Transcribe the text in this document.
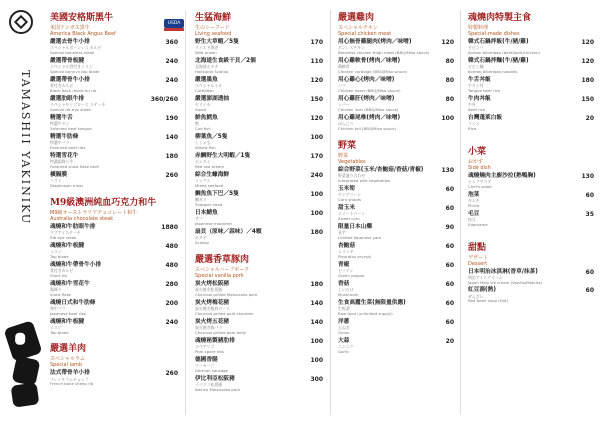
TAMASHII YAKINIKU

美國安格斯黑牛

米国アンガス黒牛

America Black Angus Beef

USDA
嚴選去骨牛小排
スペシャルボーンレス カルビ
Special boneless steak
360
嚴選帶骨板腱
スペシャル骨付きミスジ
Special bone-in top blade
240
嚴選帶骨牛小排
骨付きカルビ
Black back (bone-in) rib
240
嚴選肋眼牛排
スペシャルリブロース ステーキ
Special rib-eye steak
360/260
精選牛舌
特選牛タン
Selected beef tongue
190
精選牛肋條
特選牛バラ
Featured beef ribs
140
特選雪花牛
特選霜降り牛
Featured snow flake beef
180
橫膈膜
ハラミ
Diaphragm meat
260

M9級澳洲純血巧克力和牛

M9級オーストラリアチョコレート和牛

Australia chocolate steak

魂燒和牛肋眼牛排
リブアイステーキ
Rib eye steak
1880
魂燒和牛板腱
ミスジ
Top blade
480
魂燒和牛帶骨牛小排
骨付きカルビ
Short rib
480
魂燒和牛雪花牛
霜降り
Snow flake
280
魂燒日式和牛肋條
和牛バラ
Japanese beef ribs
200
魂燒和牛板腱
ミスジ
Top blade
240

嚴選羊肉

スペシャルラム

Special lamb

法式帶骨羊小排
フレンチラムチョップ
French bone sheep rib
260

生猛海鮮

生のシーフード

Living seafood

野生大草蝦／5隻
ワイルド海老
Wild prawn
170
北海道生食級干貝／2個
北海道ホタテ
Hokkaido Scallop
110
嚴選墨魚
スペシャルイカ
Cuttlefish
120
嚴選澎湖透抽
ヤリイカ
Squid
150
鮮魚鱈魚
鱈
Cod fish
120
柳葉魚／5隻
ししゃも
Willow fish
100
赤鯛野生大明蝦／1隻
ポンダイ
Red sea bream
170
綜合生蠔海鮮
ミックス
Mixed seafood
240
鯛魚魚下巴／5隻
鯛カマ
Snapper head
100
日本鯖魚
サバ
Japanese mackerel
100
扇貝（原味／蒜味）／4顆
ホタテ
Scallop
180

嚴選香草豚肉

スペシャルハーブポーク

Special vanilla pork

炭火烤松阪豬
炭火焼き松坂豚
Charcoal grilled Matsusaka pork
180
炭火烤梅花豬
炭火焼き豚肩ロース
Charcoal grilled pork shoulder
140
炭火烤五花豬
炭火焼き豚バラ
Charcoal grilled pork belly
140
魂燒秘製豬肋排
スペアリブ
Pork spare ribs
100
德國香腸
ソーセージ
German sausage
100
伊比利亞松阪豬
イベリコ松坂豚
Iberico Matsusaka pork
300

嚴選雞肉

スペシャルチキン

Special chicken meat

用心無骨雞腿肉(烤肉／味噌)
ボンレスチキン
Boneless chicken thigh meat (BBQ/Miso sauce)
120
用心雞軟骨(烤肉／味噌)
鶏軟骨
Chicken cartilage (BBQ/Miso sauce)
80
用心雞心(烤肉／味噌)
ハツ
Chicken heart (BBQ/Miso sauce)
80
用心雞肝(烤肉／味噌)
レバー
Chicken liver (BBQ/Miso sauce)
80
用心雞尾椎(烤肉／味噌)
ぼんじり
Chicken tail (BBQ/Miso sauce)
100

野菜

野菜

Vegetables

綜合野菜(玉米/杏鮑菇/香菇/青椒)
野菜盛り合わせ
Integrated wild vegetables
130
玉米筍
ヤングコーン
Corn shoots
60
甜玉米
スイートコーン
Sweet corn
60
限量日本山藥
長芋
Limited Japanese yam
90
杏鮑菇
エリンギ
Pleurotus eryngii
60
青椒
ピーマン
Green pepper
60
香菇
しいたけ
Mushroom
60
生食高麗生菜(無限量供應)
生野菜
Raw food (unlimited supply)
60
洋蔥
玉ねぎ
Onion
60
大蒜
ニンニク
Garlic
20

魂燒肉特製主食

特製料理

Special-made dishes

韓式石鍋拌飯(牛/豬/雞)
ビビンバ
Korean bibimbap (beef/pork/chicken)
120
韓式石鍋拌麵(牛/豬/雞)
ビビン麺
Korean bibimbap noodles
120
牛舌丼飯
牛タン丼
Tongue beef rice
180
牛肉丼飯
牛丼
Beef rice
150
台灣蓬萊白飯
ライス
Rice
20

小菜

おかず

Side dish

魂燒燒肉主廚沙拉(熟鴨胸)
シェフサラダ
Chef's salad
130
泡菜
キムチ
Pickle
60
毛豆
枝豆
Edamame
35

甜點

デザート

Dessert

日本明治冰淇淋(香草/抹茶)
明治アイスクリーム
Japan Meiji ice cream (Vanilla/Matcha)
60
紅豆湯(熱)
ぜんざい
Red bean soup (Hot)
60
